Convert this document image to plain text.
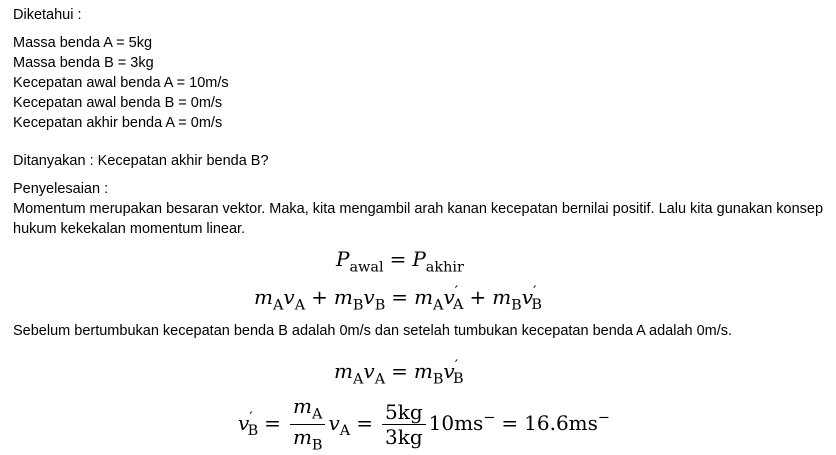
Diketahui :
Massa benda A = 5kg
Massa benda B = 3kg
Kecepatan awal benda A = 10m/s
Kecepatan awal benda B = 0m/s
Kecepatan akhir benda A = 0m/s
Ditanyakan : Kecepatan akhir benda B?
Penyelesaian :
Momentum merupakan besaran vektor. Maka, kita mengambil arah kanan kecepatan bernilai positif. Lalu kita gunakan konsep hukum kekekalan momentum linear.
$P_{awal} = P_{akhir}$
$m_Av_A + m_Bv_B = m_Av'_A + m_Bv'_B$
Sebelum bertumbukan kecepatan benda B adalah 0m/s dan setelah tumbukan kecepatan benda A adalah 0m/s.
$m_Av_A = m_Bv'_B$
$v'_B = \frac{m_A}{m_B} v_A = \frac{5kg}{3kg} 10ms^- = 16.6ms^-$
